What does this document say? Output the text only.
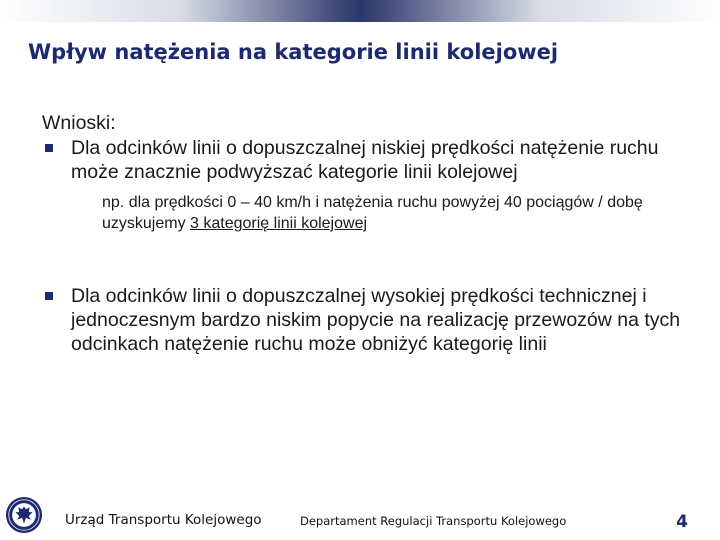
Wpływ natężenia na kategorie linii kolejowej
Wnioski:
Dla odcinków linii o dopuszczalnej niskiej prędkości natężenie ruchu może znacznie podwyższać kategorie linii kolejowej
np. dla prędkości 0 – 40 km/h i natężenia ruchu powyżej 40 pociągów / dobę uzyskujemy 3 kategorię linii kolejowej
Dla odcinków linii o dopuszczalnej wysokiej prędkości technicznej i jednoczesnym bardzo niskim popycie na realizację przewozów na tych odcinkach natężenie ruchu może obniżyć kategorię linii
Urząd Transportu Kolejowego	Departament Regulacji Transportu Kolejowego	4
